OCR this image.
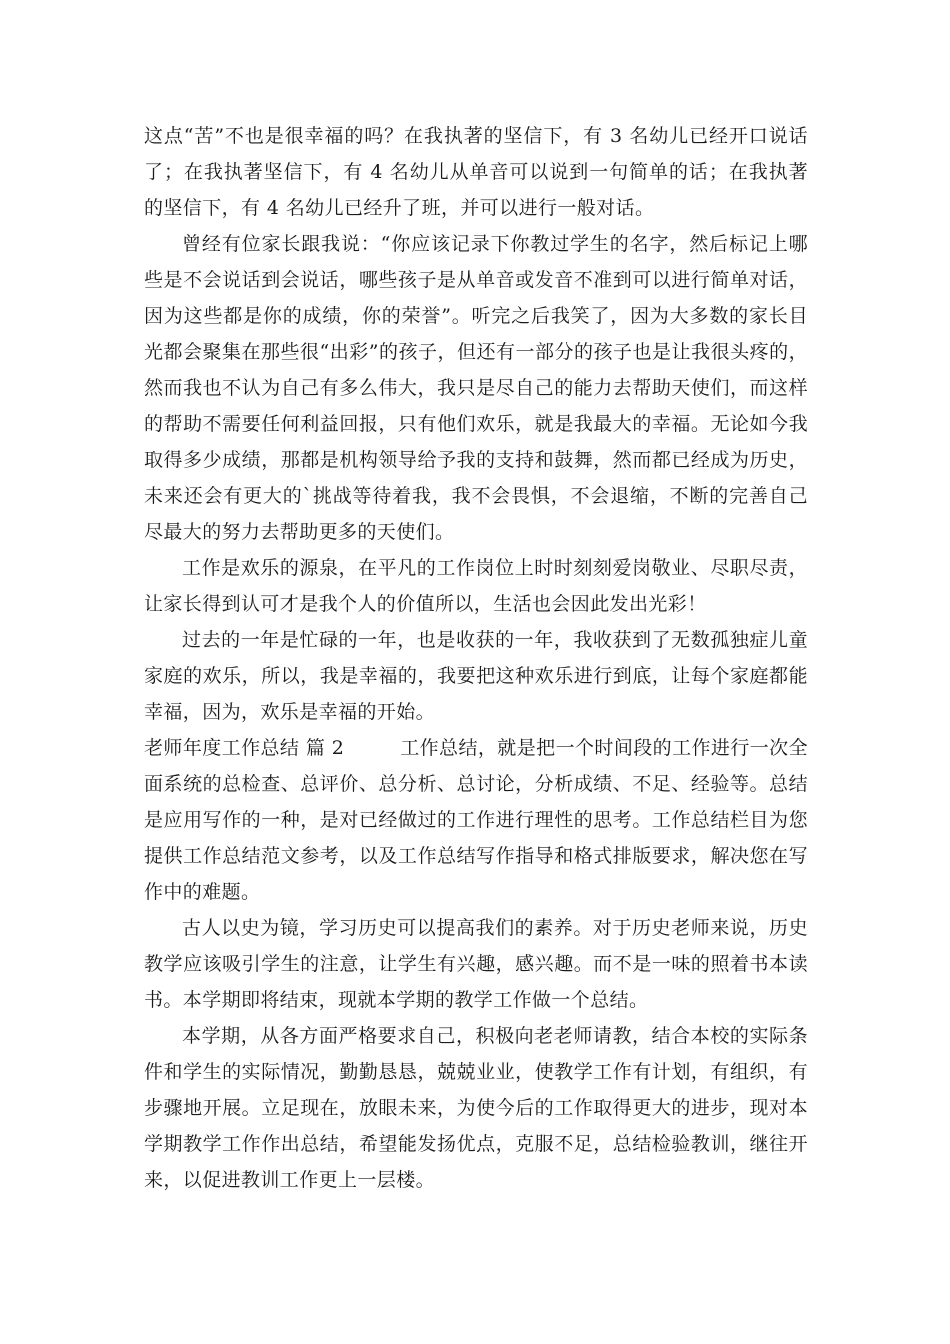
这点“苦”不也是很幸福的吗？在我执著的坚信下，有 3 名幼儿已经开口说话了；在我执著坚信下，有 4 名幼儿从单音可以说到一句简单的话；在我执著的坚信下，有 4 名幼儿已经升了班，并可以进行一般对话。

曾经有位家长跟我说：“你应该记录下你教过学生的名字，然后标记上哪些是不会说话到会说话，哪些孩子是从单音或发音不准到可以进行简单对话，因为这些都是你的成绩，你的荣誉”。听完之后我笑了，因为大多数的家长目光都会聚集在那些很“出彩”的孩子，但还有一部分的孩子也是让我很头疼的，然而我也不认为自己有多么伟大，我只是尽自己的能力去帮助天使们，而这样的帮助不需要任何利益回报，只有他们欢乐，就是我最大的幸福。无论如今我取得多少成绩，那都是机构领导给予我的支持和鼓舞，然而都已经成为历史，未来还会有更大的`挑战等待着我，我不会畏惧，不会退缩，不断的完善自己尽最大的努力去帮助更多的天使们。

工作是欢乐的源泉，在平凡的工作岗位上时时刻刻爱岗敬业、尽职尽责，让家长得到认可才是我个人的价值所以，生活也会因此发出光彩！

过去的一年是忙碌的一年，也是收获的一年，我收获到了无数孤独症儿童家庭的欢乐，所以，我是幸福的，我要把这种欢乐进行到底，让每个家庭都能幸福，因为，欢乐是幸福的开始。

老师年度工作总结 篇 2	工作总结，就是把一个时间段的工作进行一次全面系统的总检查、总评价、总分析、总讨论，分析成绩、不足、经验等。总结是应用写作的一种，是对已经做过的工作进行理性的思考。工作总结栏目为您提供工作总结范文参考，以及工作总结写作指导和格式排版要求，解决您在写作中的难题。

古人以史为镜，学习历史可以提高我们的素养。对于历史老师来说，历史教学应该吸引学生的注意，让学生有兴趣，感兴趣。而不是一味的照着书本读书。本学期即将结束，现就本学期的教学工作做一个总结。

本学期，从各方面严格要求自己，积极向老老师请教，结合本校的实际条件和学生的实际情况，勤勤恳恳，兢兢业业，使教学工作有计划，有组织，有步骤地开展。立足现在，放眼未来，为使今后的工作取得更大的进步，现对本学期教学工作作出总结，希望能发扬优点，克服不足，总结检验教训，继往开来，以促进教训工作更上一层楼。
